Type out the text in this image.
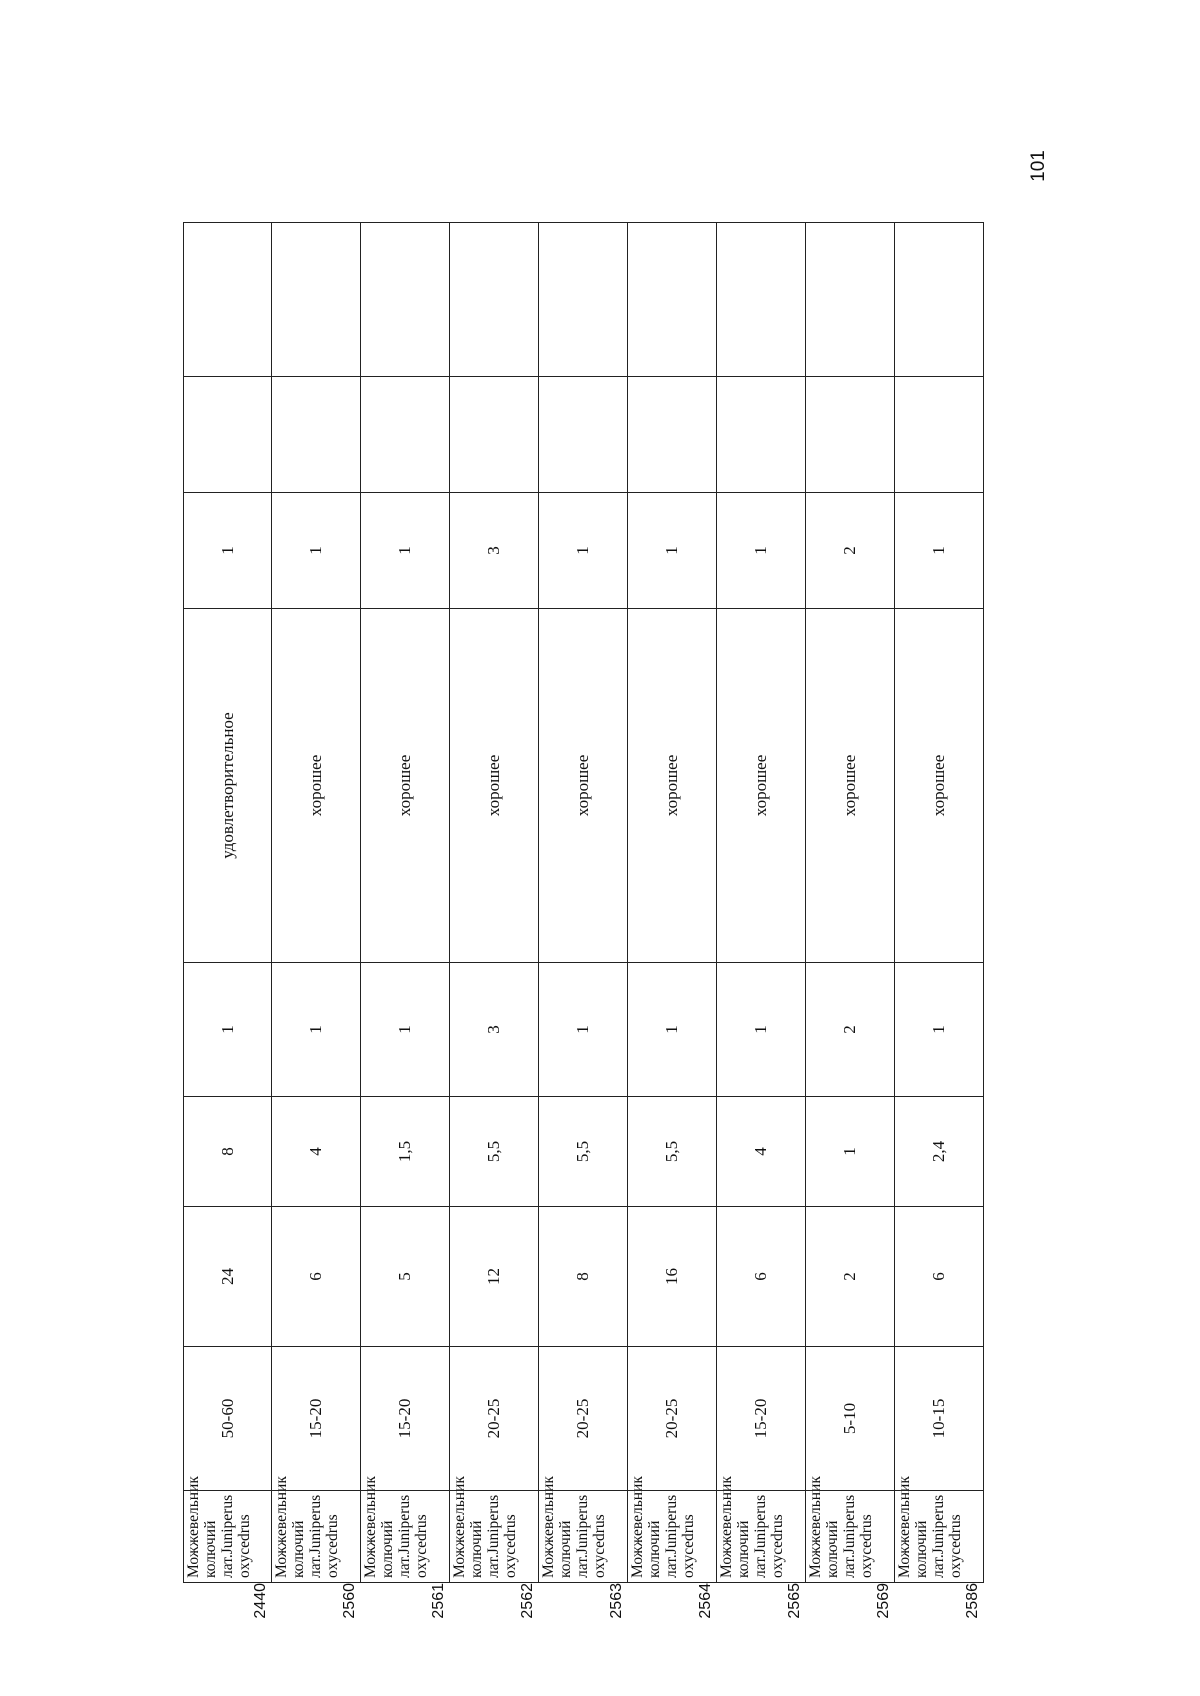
101
2440
Можжевельник
колючий
лат.Juniperus
oxycedrus
50-60
24
8
1
удовлетворительное
1
2560
Можжевельник
колючий
лат.Juniperus
oxycedrus
15-20
6
4
1
хорошее
1
2561
Можжевельник
колючий
лат.Juniperus
oxycedrus
15-20
5
1,5
1
хорошее
1
2562
Можжевельник
колючий
лат.Juniperus
oxycedrus
20-25
12
5,5
3
хорошее
3
2563
Можжевельник
колючий
лат.Juniperus
oxycedrus
20-25
8
5,5
1
хорошее
1
2564
Можжевельник
колючий
лат.Juniperus
oxycedrus
20-25
16
5,5
1
хорошее
1
2565
Можжевельник
колючий
лат.Juniperus
oxycedrus
15-20
6
4
1
хорошее
1
2569
Можжевельник
колючий
лат.Juniperus
oxycedrus
5-10
2
1
2
хорошее
2
2586
Можжевельник
колючий
лат.Juniperus
oxycedrus
10-15
6
2,4
1
хорошее
1
